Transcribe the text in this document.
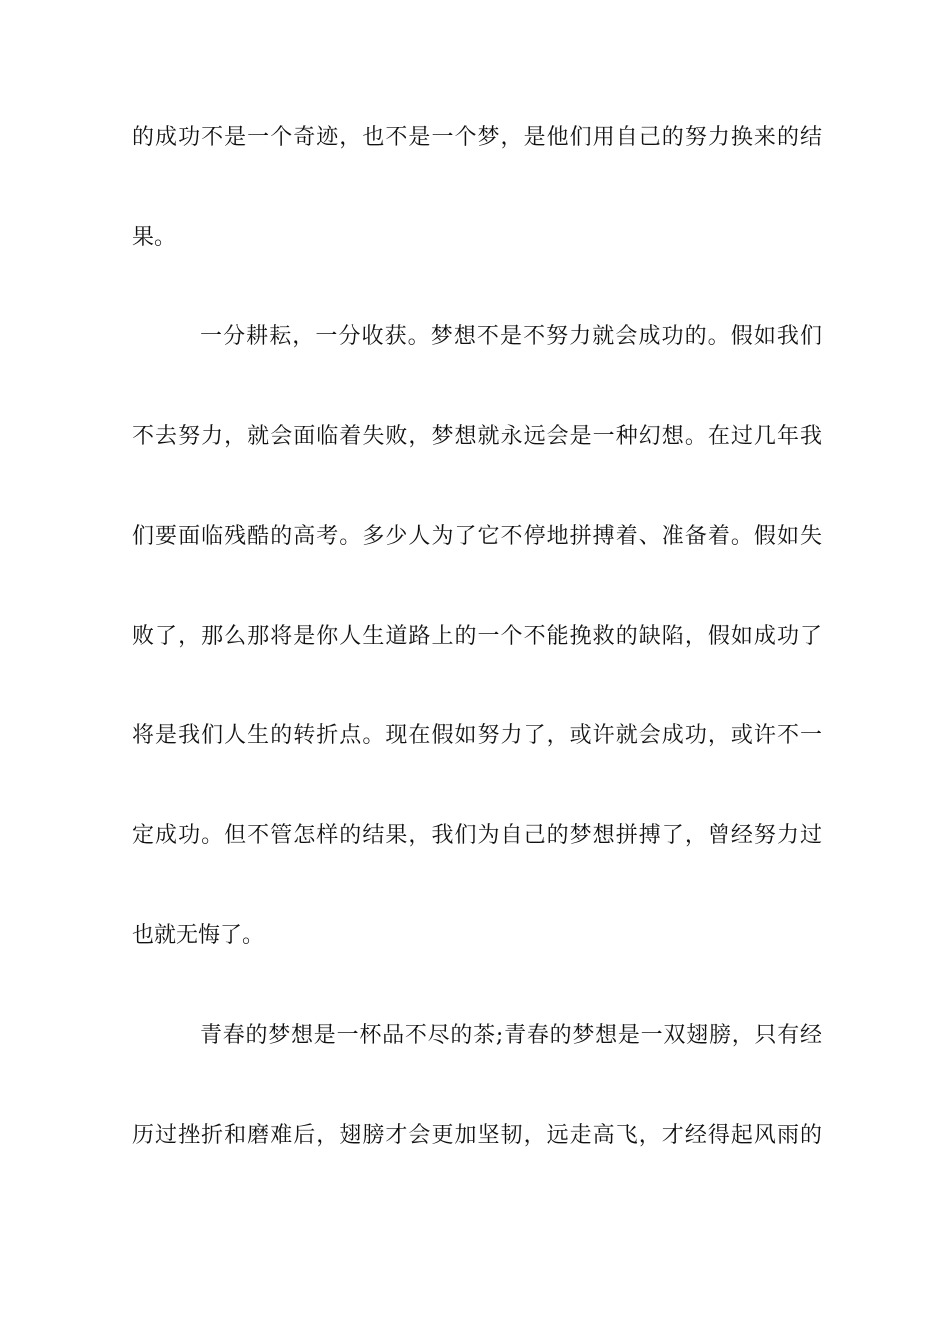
的成功不是一个奇迹，也不是一个梦，是他们用自己的努力换来的结
果。
一分耕耘，一分收获。梦想不是不努力就会成功的。假如我们
不去努力，就会面临着失败，梦想就永远会是一种幻想。在过几年我
们要面临残酷的高考。多少人为了它不停地拼搏着、准备着。假如失
败了，那么那将是你人生道路上的一个不能挽救的缺陷，假如成功了
将是我们人生的转折点。现在假如努力了，或许就会成功，或许不一
定成功。但不管怎样的结果，我们为自己的梦想拼搏了，曾经努力过
也就无悔了。
青春的梦想是一杯品不尽的茶;青春的梦想是一双翅膀，只有经
历过挫折和磨难后，翅膀才会更加坚韧，远走高飞，才经得起风雨的
